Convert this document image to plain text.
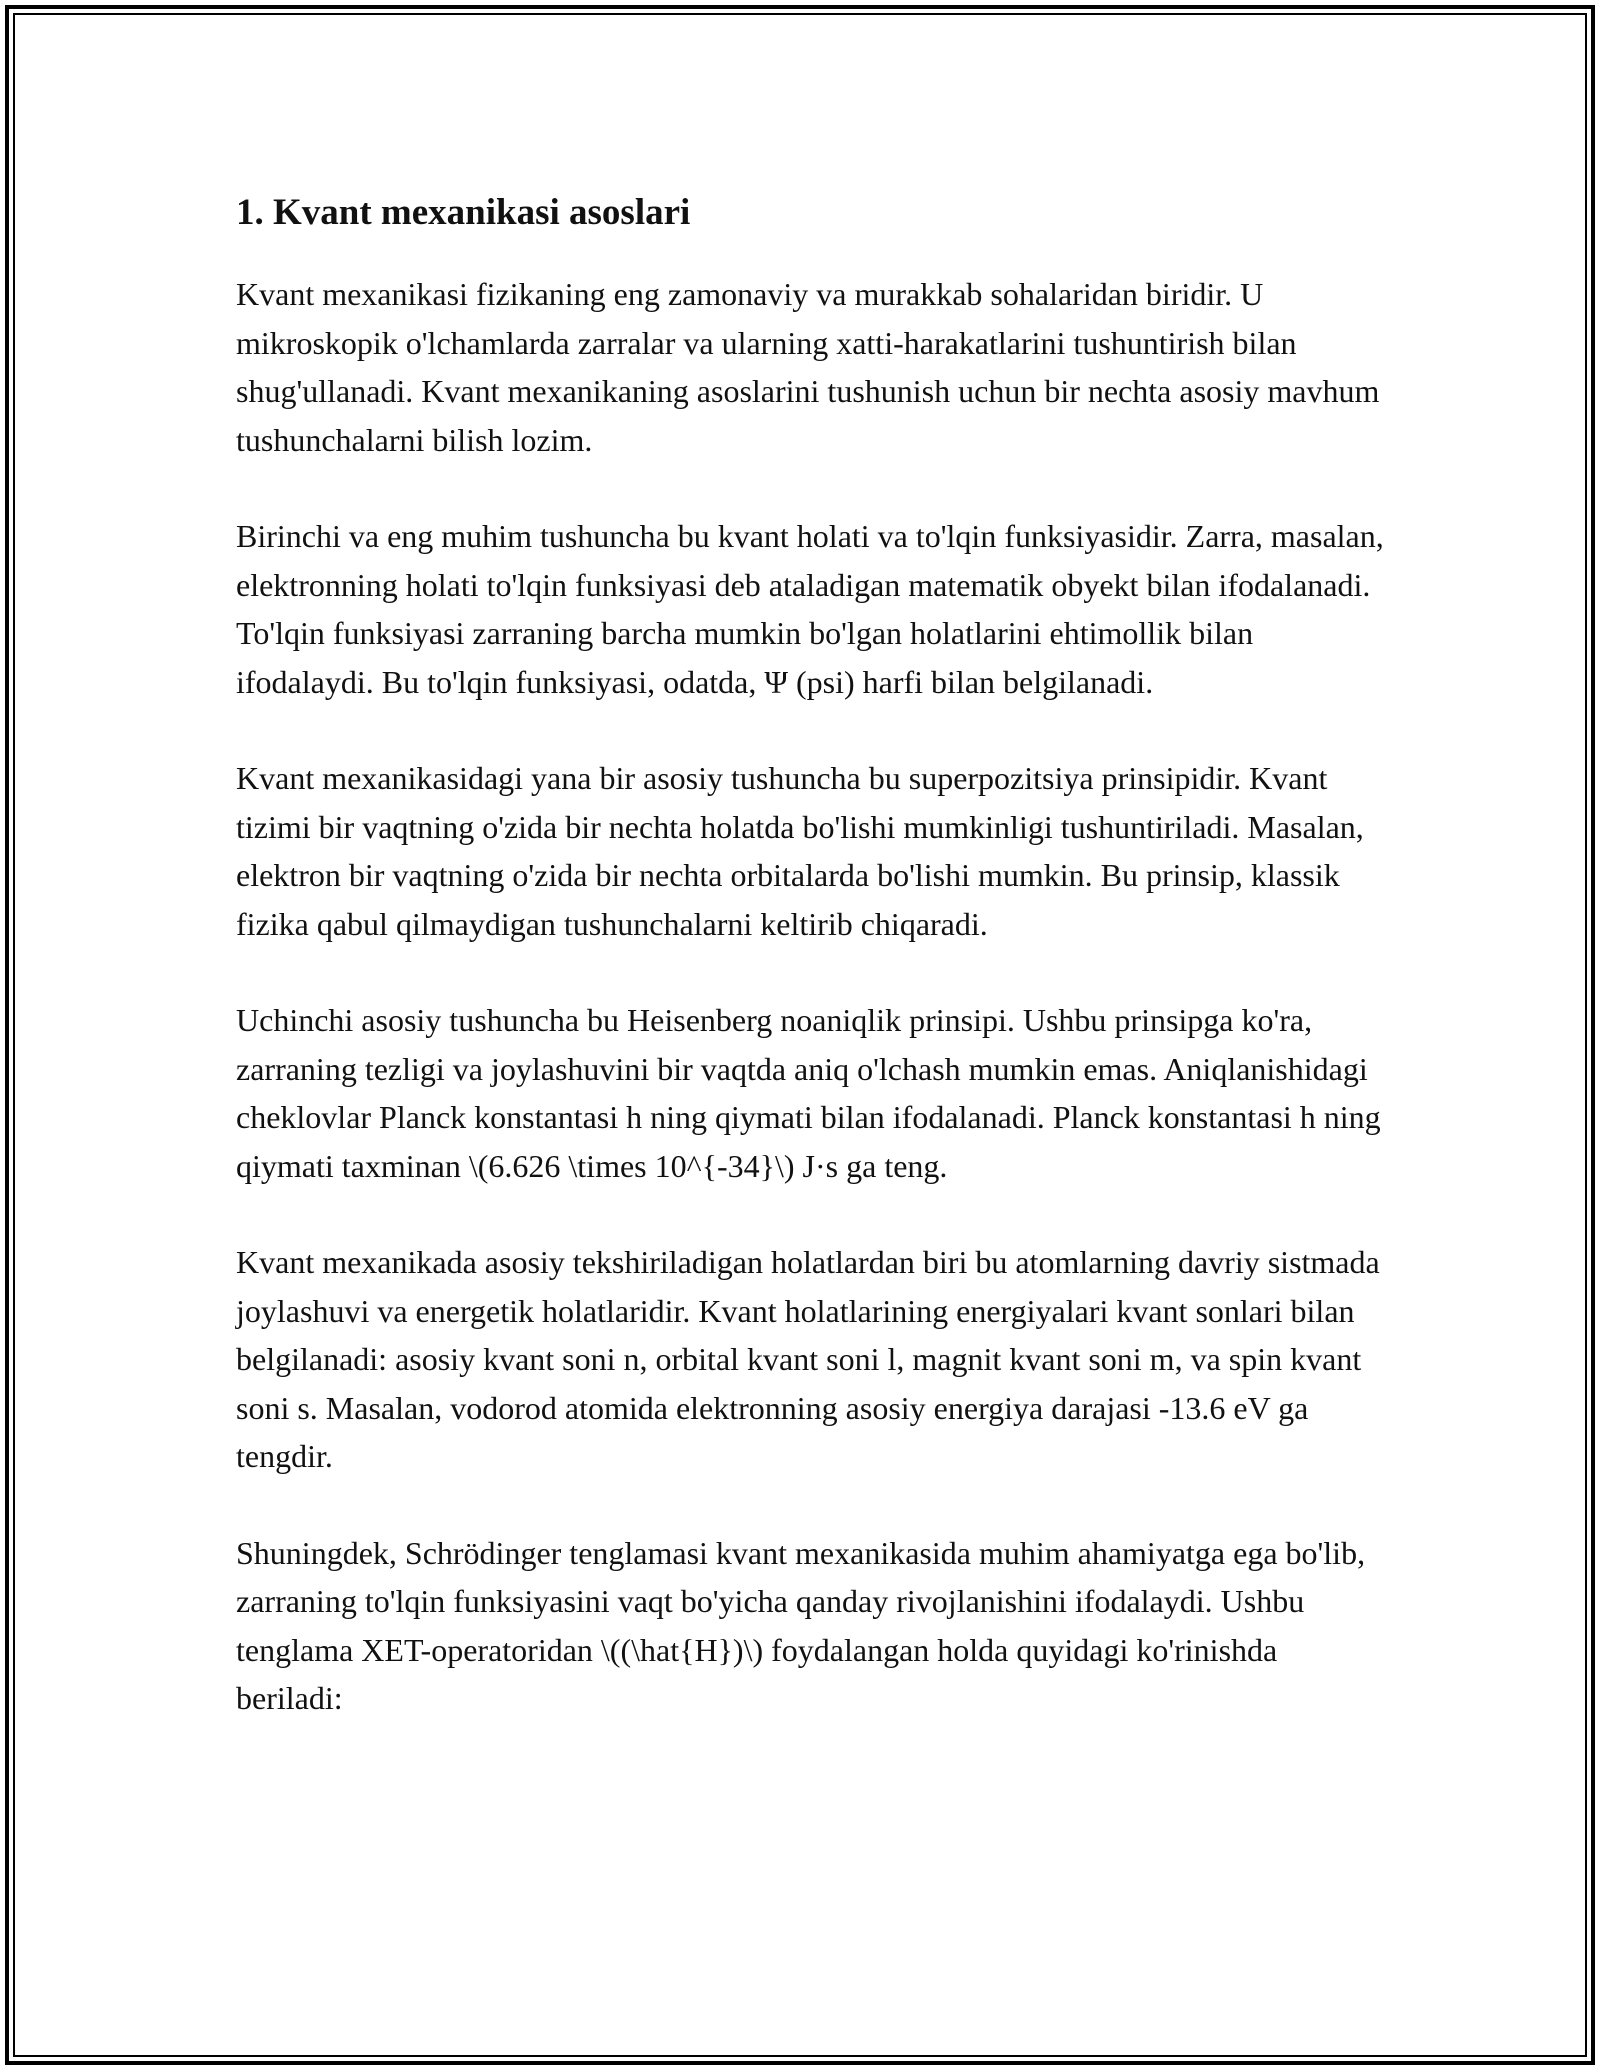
1. Kvant mexanikasi asoslari

Kvant mexanikasi fizikaning eng zamonaviy va murakkab sohalaridan biridir. U mikroskopik o'lchamlarda zarralar va ularning xatti-harakatlarini tushuntirish bilan shug'ullanadi. Kvant mexanikaning asoslarini tushunish uchun bir nechta asosiy mavhum tushunchalarni bilish lozim.

Birinchi va eng muhim tushuncha bu kvant holati va to'lqin funksiyasidir. Zarra, masalan, elektronning holati to'lqin funksiyasi deb ataladigan matematik obyekt bilan ifodalanadi. To'lqin funksiyasi zarraning barcha mumkin bo'lgan holatlarini ehtimollik bilan ifodalaydi. Bu to'lqin funksiyasi, odatda, Ψ (psi) harfi bilan belgilanadi.

Kvant mexanikasidagi yana bir asosiy tushuncha bu superpozitsiya prinsipidir. Kvant tizimi bir vaqtning o'zida bir nechta holatda bo'lishi mumkinligi tushuntiriladi. Masalan, elektron bir vaqtning o'zida bir nechta orbitalarda bo'lishi mumkin. Bu prinsip, klassik fizika qabul qilmaydigan tushunchalarni keltirib chiqaradi.

Uchinchi asosiy tushuncha bu Heisenberg noaniqlik prinsipi. Ushbu prinsipga ko'ra, zarraning tezligi va joylashuvini bir vaqtda aniq o'lchash mumkin emas. Aniqlanishidagi cheklovlar Planck konstantasi h ning qiymati bilan ifodalanadi. Planck konstantasi h ning qiymati taxminan \(6.626 \times 10^{-34}\) J·s ga teng.

Kvant mexanikada asosiy tekshiriladigan holatlardan biri bu atomlarning davriy sistmada joylashuvi va energetik holatlaridir. Kvant holatlarining energiyalari kvant sonlari bilan belgilanadi: asosiy kvant soni n, orbital kvant soni l, magnit kvant soni m, va spin kvant soni s. Masalan, vodorod atomida elektronning asosiy energiya darajasi -13.6 eV ga tengdir.

Shuningdek, Schrödinger tenglamasi kvant mexanikasida muhim ahamiyatga ega bo'lib, zarraning to'lqin funksiyasini vaqt bo'yicha qanday rivojlanishini ifodalaydi. Ushbu tenglama XET-operatoridan \((\hat{H})\) foydalangan holda quyidagi ko'rinishda beriladi:
